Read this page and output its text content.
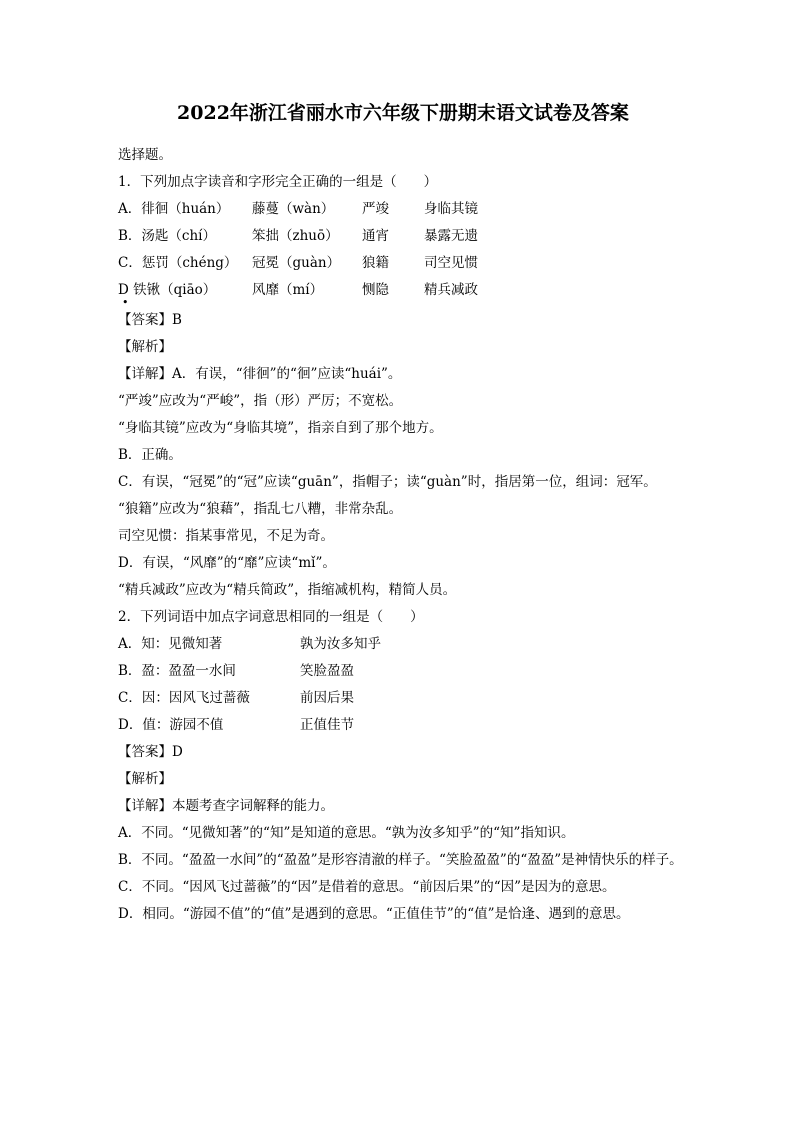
2022年浙江省丽水市六年级下册期末语文试卷及答案
选择题。
1．下列加点字读音和字形完全正确的一组是（　　）
A．徘徊（huán） 藤蔓（wàn） 严竣	身临其镜
B．汤匙（chí）	笨拙（zhuō） 通宵	暴露无遗
C．惩罚（chéng） 冠冕（guàn） 狼籍	司空见惯
D 铁锹（qiāo）	风靡（mí）	恻隐	精兵减政
•
【答案】B
【解析】
【详解】A．有误，“徘徊”的“徊”应读“huái”。
“严竣”应改为“严峻”，指（形）严厉；不宽松。
“身临其镜”应改为“身临其境”，指亲自到了那个地方。
B．正确。
C．有误，“冠冕”的“冠”应读“guān”，指帽子；读“guàn”时，指居第一位，组词：冠军。
“狼籍”应改为“狼藉”，指乱七八糟，非常杂乱。
司空见惯：指某事常见，不足为奇。
D．有误，“风靡”的“靡”应读“mǐ”。
“精兵减政”应改为“精兵简政”，指缩减机构，精简人员。
2．下列词语中加点字词意思相同的一组是（　　）
A．知：见微知著	孰为汝多知乎
B．盈：盈盈一水间	笑脸盈盈
C．因：因风飞过蔷薇	前因后果
D．值：游园不值	正值佳节
【答案】D
【解析】
【详解】本题考查字词解释的能力。
A．不同。“见微知著”的“知”是知道的意思。“孰为汝多知乎”的“知”指知识。
B．不同。“盈盈一水间”的“盈盈”是形容清澈的样子。“笑脸盈盈”的“盈盈”是神情快乐的样子。
C．不同。“因风飞过蔷薇”的“因”是借着的意思。“前因后果”的“因”是因为的意思。
D．相同。“游园不值”的“值”是遇到的意思。“正值佳节”的“值”是恰逢、遇到的意思。
